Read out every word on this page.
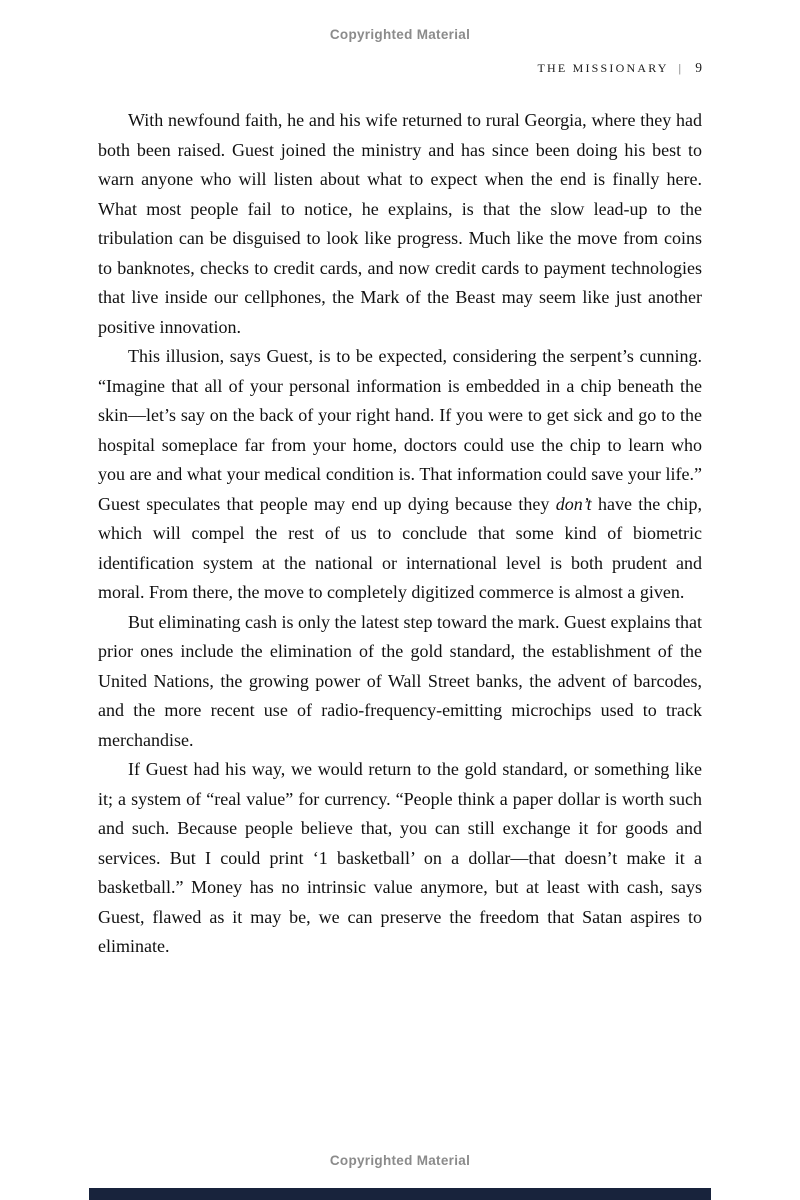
Copyrighted Material
THE MISSIONARY | 9

With newfound faith, he and his wife returned to rural Georgia, where they had both been raised. Guest joined the ministry and has since been doing his best to warn anyone who will listen about what to expect when the end is finally here. What most people fail to notice, he explains, is that the slow lead-up to the tribulation can be disguised to look like progress. Much like the move from coins to banknotes, checks to credit cards, and now credit cards to payment technologies that live inside our cellphones, the Mark of the Beast may seem like just another positive innovation.

This illusion, says Guest, is to be expected, considering the serpent’s cunning. “Imagine that all of your personal information is embedded in a chip beneath the skin—let’s say on the back of your right hand. If you were to get sick and go to the hospital someplace far from your home, doctors could use the chip to learn who you are and what your medical condition is. That information could save your life.” Guest speculates that people may end up dying because they don’t have the chip, which will compel the rest of us to conclude that some kind of biometric identification system at the national or international level is both prudent and moral. From there, the move to completely digitized commerce is almost a given.

But eliminating cash is only the latest step toward the mark. Guest explains that prior ones include the elimination of the gold standard, the establishment of the United Nations, the growing power of Wall Street banks, the advent of barcodes, and the more recent use of radio-frequency-emitting microchips used to track merchandise.

If Guest had his way, we would return to the gold standard, or something like it; a system of “real value” for currency. “People think a paper dollar is worth such and such. Because people believe that, you can still exchange it for goods and services. But I could print ‘1 basketball’ on a dollar—that doesn’t make it a basketball.” Money has no intrinsic value anymore, but at least with cash, says Guest, flawed as it may be, we can preserve the freedom that Satan aspires to eliminate.

Copyrighted Material
